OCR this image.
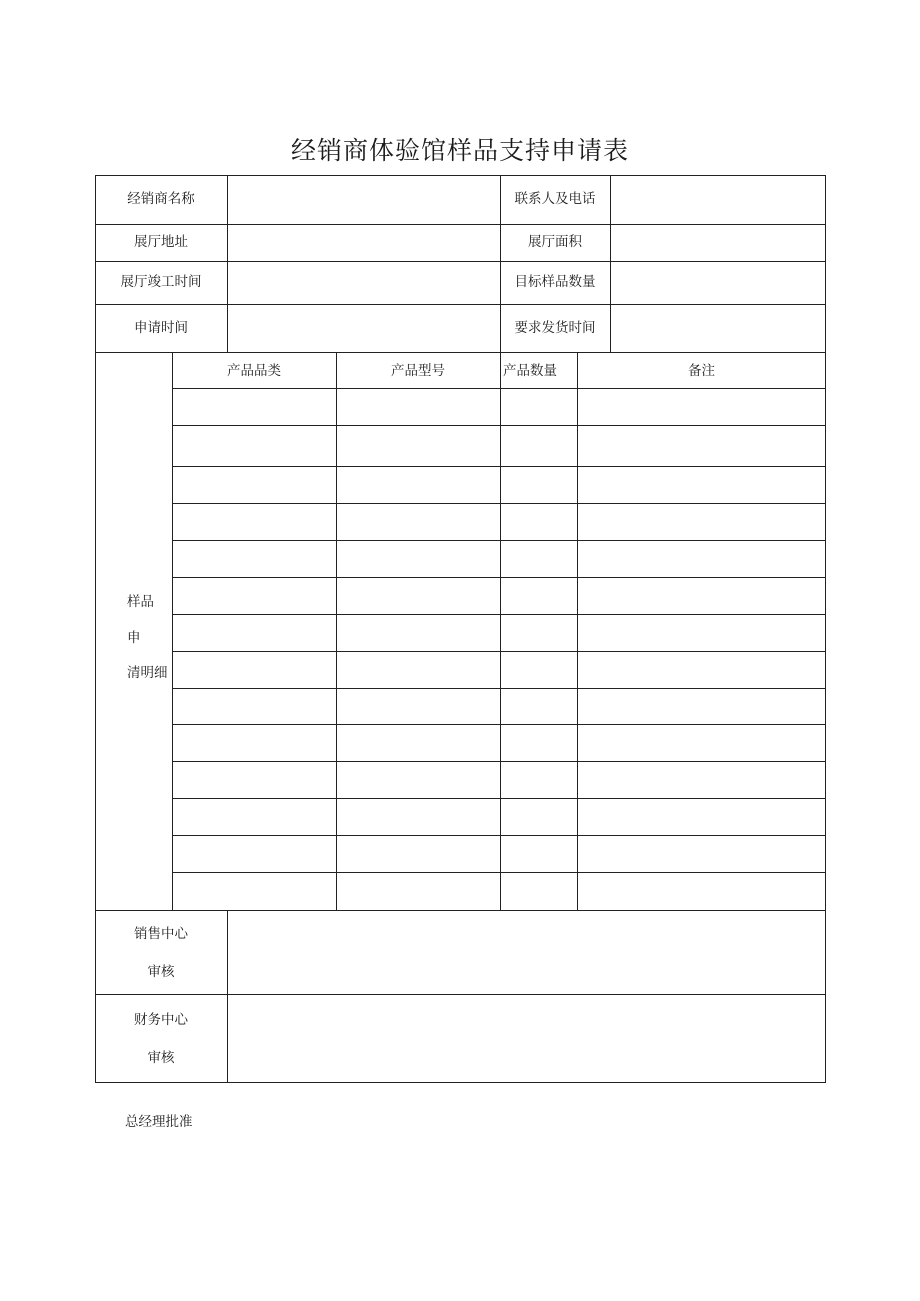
经销商体验馆样品支持申请表
经销商名称	联系人及电话
展厅地址	展厅面积
展厅竣工时间	目标样品数量
申请时间	要求发货时间
产品品类	产品型号	产品数量	备注
样品
申
清明细
销售中心
审核
财务中心
审核
总经理批准
